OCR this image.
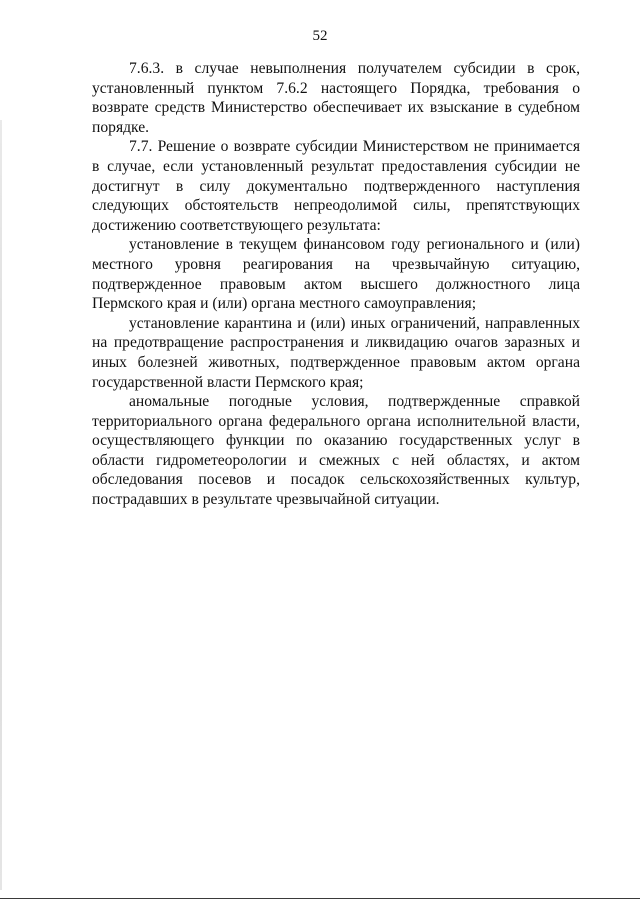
52

7.6.3. в случае невыполнения получателем субсидии в срок, установленный пунктом 7.6.2 настоящего Порядка, требования о возврате средств Министерство обеспечивает их взыскание в судебном порядке.

7.7. Решение о возврате субсидии Министерством не принимается в случае, если установленный результат предоставления субсидии не достигнут в силу документально подтвержденного наступления следующих обстоятельств непреодолимой силы, препятствующих достижению соответствующего результата:

установление в текущем финансовом году регионального и (или) местного уровня реагирования на чрезвычайную ситуацию, подтвержденное правовым актом высшего должностного лица Пермского края и (или) органа местного самоуправления;

установление карантина и (или) иных ограничений, направленных на предотвращение распространения и ликвидацию очагов заразных и иных болезней животных, подтвержденное правовым актом органа государственной власти Пермского края;

аномальные погодные условия, подтвержденные справкой территориального органа федерального органа исполнительной власти, осуществляющего функции по оказанию государственных услуг в области гидрометеорологии и смежных с ней областях, и актом обследования посевов и посадок сельскохозяйственных культур, пострадавших в результате чрезвычайной ситуации.
